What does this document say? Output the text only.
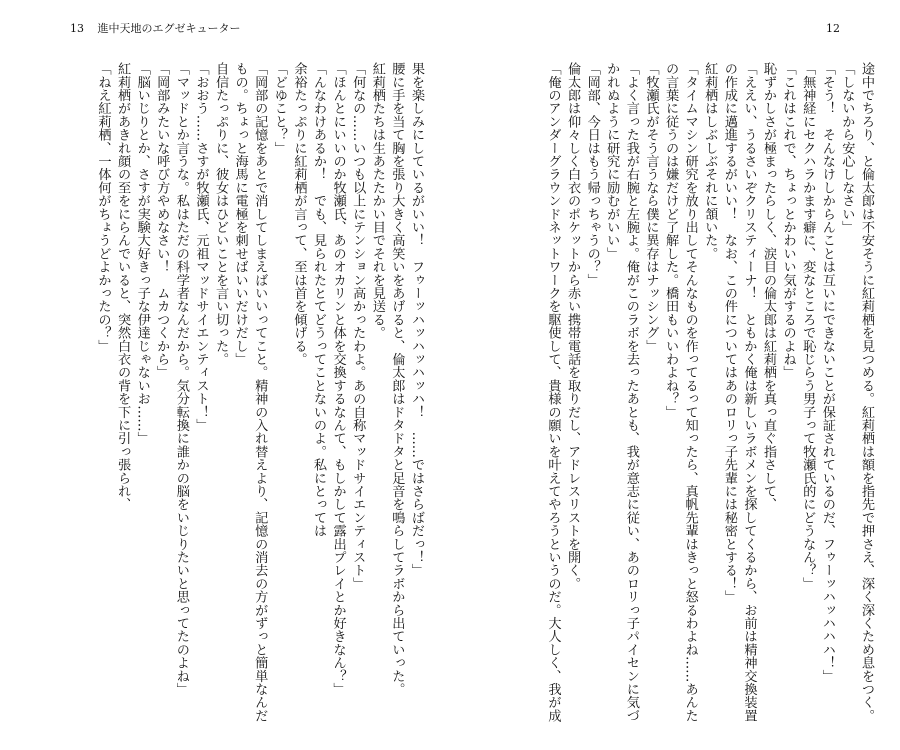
13 進中天地のエグゼキューター	12
途中でちろり、と倫太郎は不安そうに紅莉栖を見つめる。紅莉栖は額を指先で押さえ、深く深くため息をつく。
「しないから安心しなさい」
「そう！　そんなけしからんことは互いにできないことが保証されているのだ、フゥーッハッハハハ！」
「無神経にセクハラかます癖に、変なところで恥じらう男子って牧瀬氏的にどうなん？」
「これはこれで、ちょっとかわいい気がするのよね」
恥ずかしさが極まったらしく、涙目の倫太郎は紅莉栖を真っ直ぐ指さして、
「ええい、うるさいぞクリスティーナ！　ともかく俺は新しいラボメンを探してくるから、お前は精神交換装置
の作成に邁進するがいい！　なお、この件についてはあのロリっ子先輩には秘密とする！」
紅莉栖はしぶしぶそれに頷いた。
「タイムマシン研究を放り出してそんなものを作ってるって知ったら、真帆先輩はきっと怒るわよね……あんた
の言葉に従うのは嫌だけど了解した。橋田もいいわよね？」
「牧瀬氏がそう言うなら僕に異存はナッシング」
「よく言った我が右腕と左腕よ。俺がこのラボを去ったあとも、我が意志に従い、あのロリっ子パイセンに気づ
かれぬように研究に励むがいい」
「岡部、今日はもう帰っちゃうの？」
倫太郎は仰々しく白衣のポケットから赤い携帯電話を取りだし、アドレスリストを開く。
「俺のアンダーグラウンドネットワークを駆使して、貴様の願いを叶えてやろうというのだ。大人しく、我が成
果を楽しみにしているがいい！　フゥーッハッハッハッハ！　……ではさらばだっ！」
腰に手を当て胸を張り大きく高笑いをあげると、倫太郎はドタドタと足音を鳴らしてラボから出ていった。
紅莉栖たちは生あたたかい目でそれを見送る。
「何なの……いつも以上にテンション高かったわよ。あの自称マッドサイエンティスト」
「ほんとにいいのか牧瀬氏、あのオカリンと体を交換するなんて、もしかして露出プレイとか好きなん？」
「んなわけあるか！　でも、見られたとてどうってことないのよ。私にとっては
余裕たっぷりに紅莉栖が言って、至は首を傾げる。
「どゆこと？」
「岡部の記憶をあとで消してしまえばいいってこと。精神の入れ替えより、記憶の消去の方がずっと簡単なんだ
もの。ちょっと海馬に電極を刺せばいいだけだし」
自信たっぷりに、彼女はひどいことを言い切った。
「おおう……さすが牧瀬氏、元祖マッドサイエンティスト！」
「マッドとか言うな。私はただの科学者なんだから。気分転換に誰かの脳をいじりたいと思ってたのよね」
「岡部みたいな呼び方やめなさい！　ムカつくから」
「脳いじりとか、さすが実験大好きっ子な伊達じゃないお……」
紅莉栖があきれ顔の至をにらんでいると、突然白衣の背を下に引っ張られ、
「ねえ紅莉栖、一体何がちょうどよかったの？」
